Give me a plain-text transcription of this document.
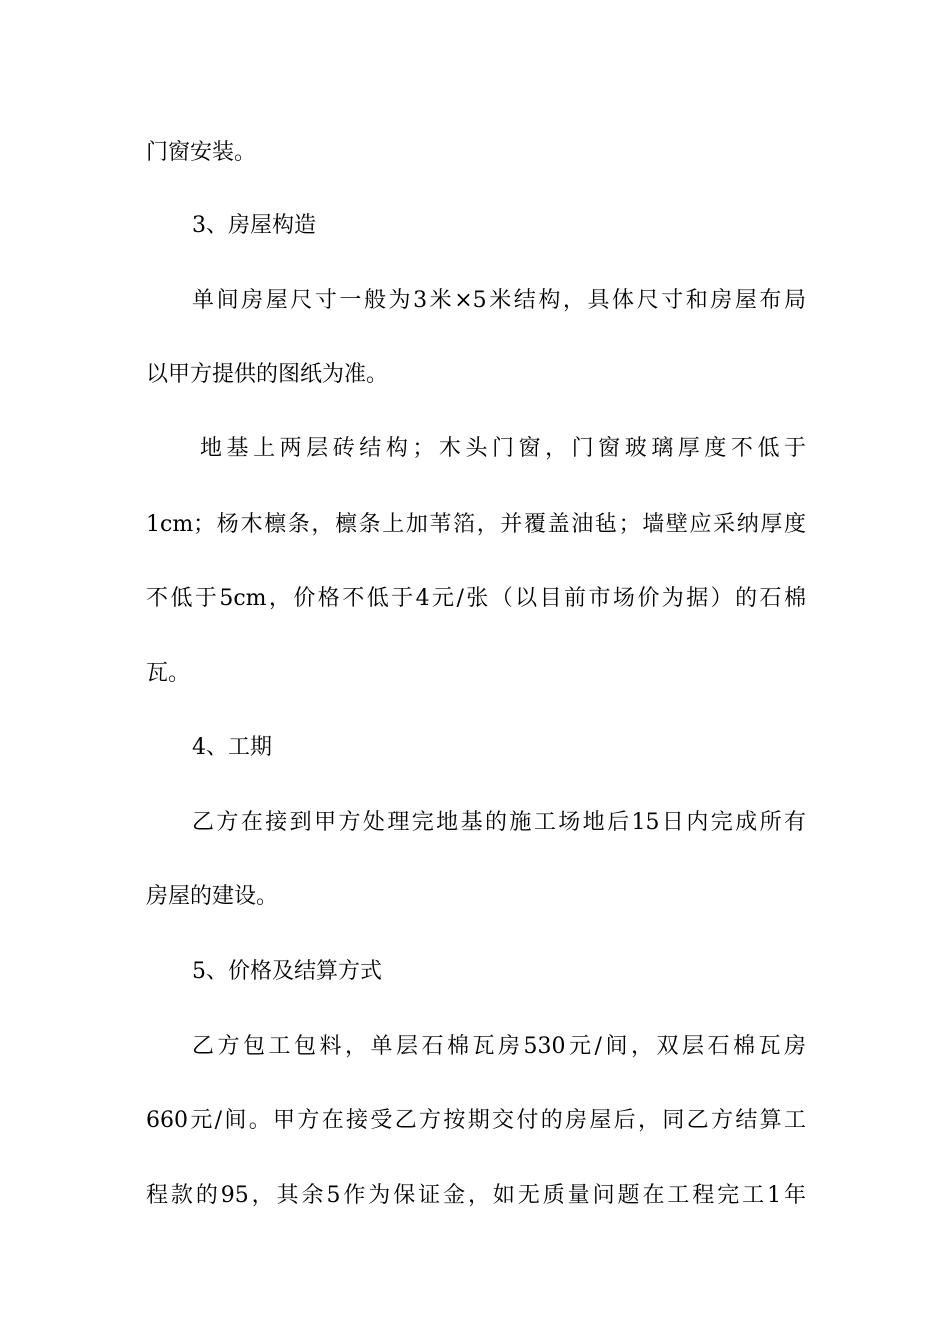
门窗安装。
3、房屋构造
单间房屋尺寸一般为3米×5米结构，具体尺寸和房屋布局
以甲方提供的图纸为准。
地基上两层砖结构；木头门窗，门窗玻璃厚度不低于
1cm；杨木檩条，檩条上加苇箔，并覆盖油毡；墙壁应采纳厚度
不低于5cm，价格不低于4元/张（以目前市场价为据）的石棉
瓦。
4、工期
乙方在接到甲方处理完地基的施工场地后15日内完成所有
房屋的建设。
5、价格及结算方式
乙方包工包料，单层石棉瓦房530元/间，双层石棉瓦房
660元/间。甲方在接受乙方按期交付的房屋后，同乙方结算工
程款的95，其余5作为保证金，如无质量问题在工程完工1年
